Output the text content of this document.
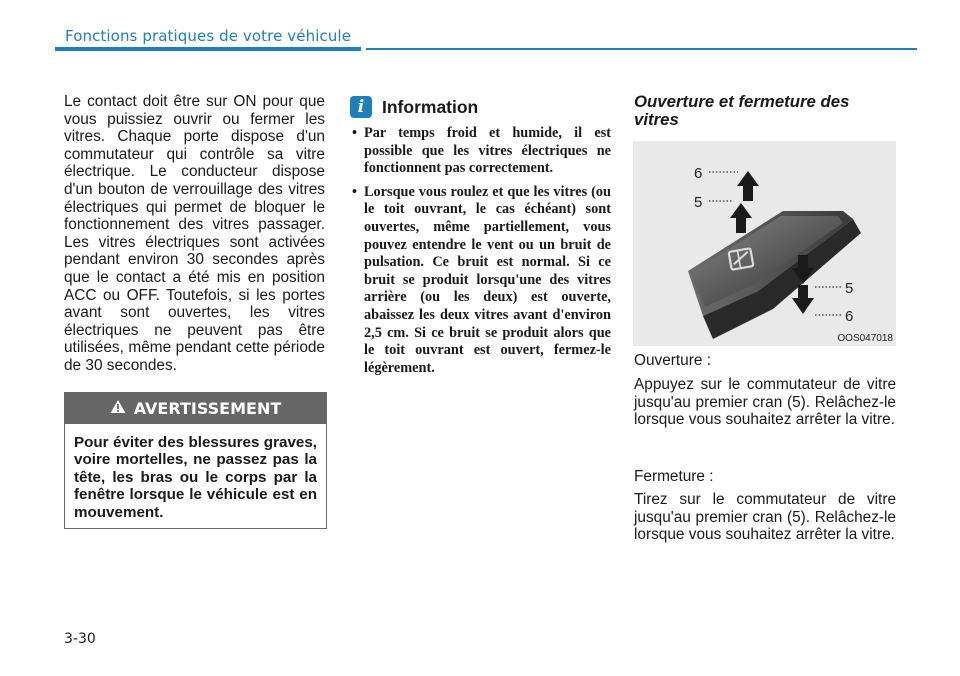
Fonctions pratiques de votre véhicule

Le contact doit être sur ON pour que vous puissiez ouvrir ou fermer les vitres. Chaque porte dispose d'un commutateur qui contrôle sa vitre électrique. Le conducteur dispose d'un bouton de verrouillage des vitres électriques qui permet de bloquer le fonctionnement des vitres passager. Les vitres électriques sont activées pendant environ 30 secondes après que le contact a été mis en position ACC ou OFF. Toutefois, si les portes avant sont ouvertes, les vitres électriques ne peuvent pas être utilisées, même pendant cette période de 30 secondes.

AVERTISSEMENT
Pour éviter des blessures graves, voire mortelles, ne passez pas la tête, les bras ou le corps par la fenêtre lorsque le véhicule est en mouvement.
i	Information
• Par temps froid et humide, il est possible que les vitres électriques ne fonctionnent pas correctement.
• Lorsque vous roulez et que les vitres (ou le toit ouvrant, le cas échéant) sont ouvertes, même partiellement, vous pouvez entendre le vent ou un bruit de pulsation. Ce bruit est normal. Si ce bruit se produit lorsqu'une des vitres arrière (ou les deux) est ouverte, abaissez les deux vitres avant d'environ 2,5 cm. Si ce bruit se produit alors que le toit ouvrant est ouvert, fermez-le légèrement.
Ouverture et fermeture des vitres
6
5
5
6
OOS047018
Ouverture :
Appuyez sur le commutateur de vitre jusqu'au premier cran (5). Relâchez-le lorsque vous souhaitez arrêter la vitre.
Fermeture :
Tirez sur le commutateur de vitre jusqu'au premier cran (5). Relâchez-le lorsque vous souhaitez arrêter la vitre.
3-30
